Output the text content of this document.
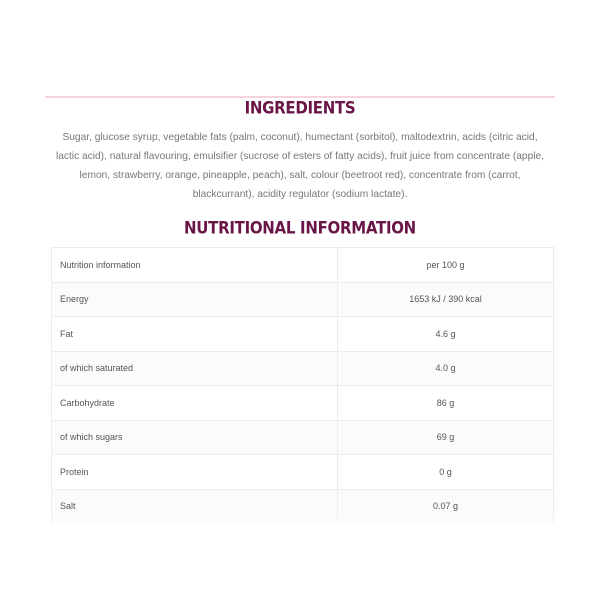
INGREDIENTS

Sugar, glucose syrup, vegetable fats (palm, coconut), humectant (sorbitol), maltodextrin, acids (citric acid, lactic acid), natural flavouring, emulsifier (sucrose of esters of fatty acids), fruit juice from concentrate (apple, lemon, strawberry, orange, pineapple, peach), salt, colour (beetroot red), concentrate from (carrot, blackcurrant), acidity regulator (sodium lactate).

NUTRITIONAL INFORMATION
Nutrition information	per 100 g
Energy	1653 kJ / 390 kcal
Fat	4.6 g
of which saturated	4.0 g
Carbohydrate	86 g
of which sugars	69 g
Protein	0 g
Salt	0.07 g
